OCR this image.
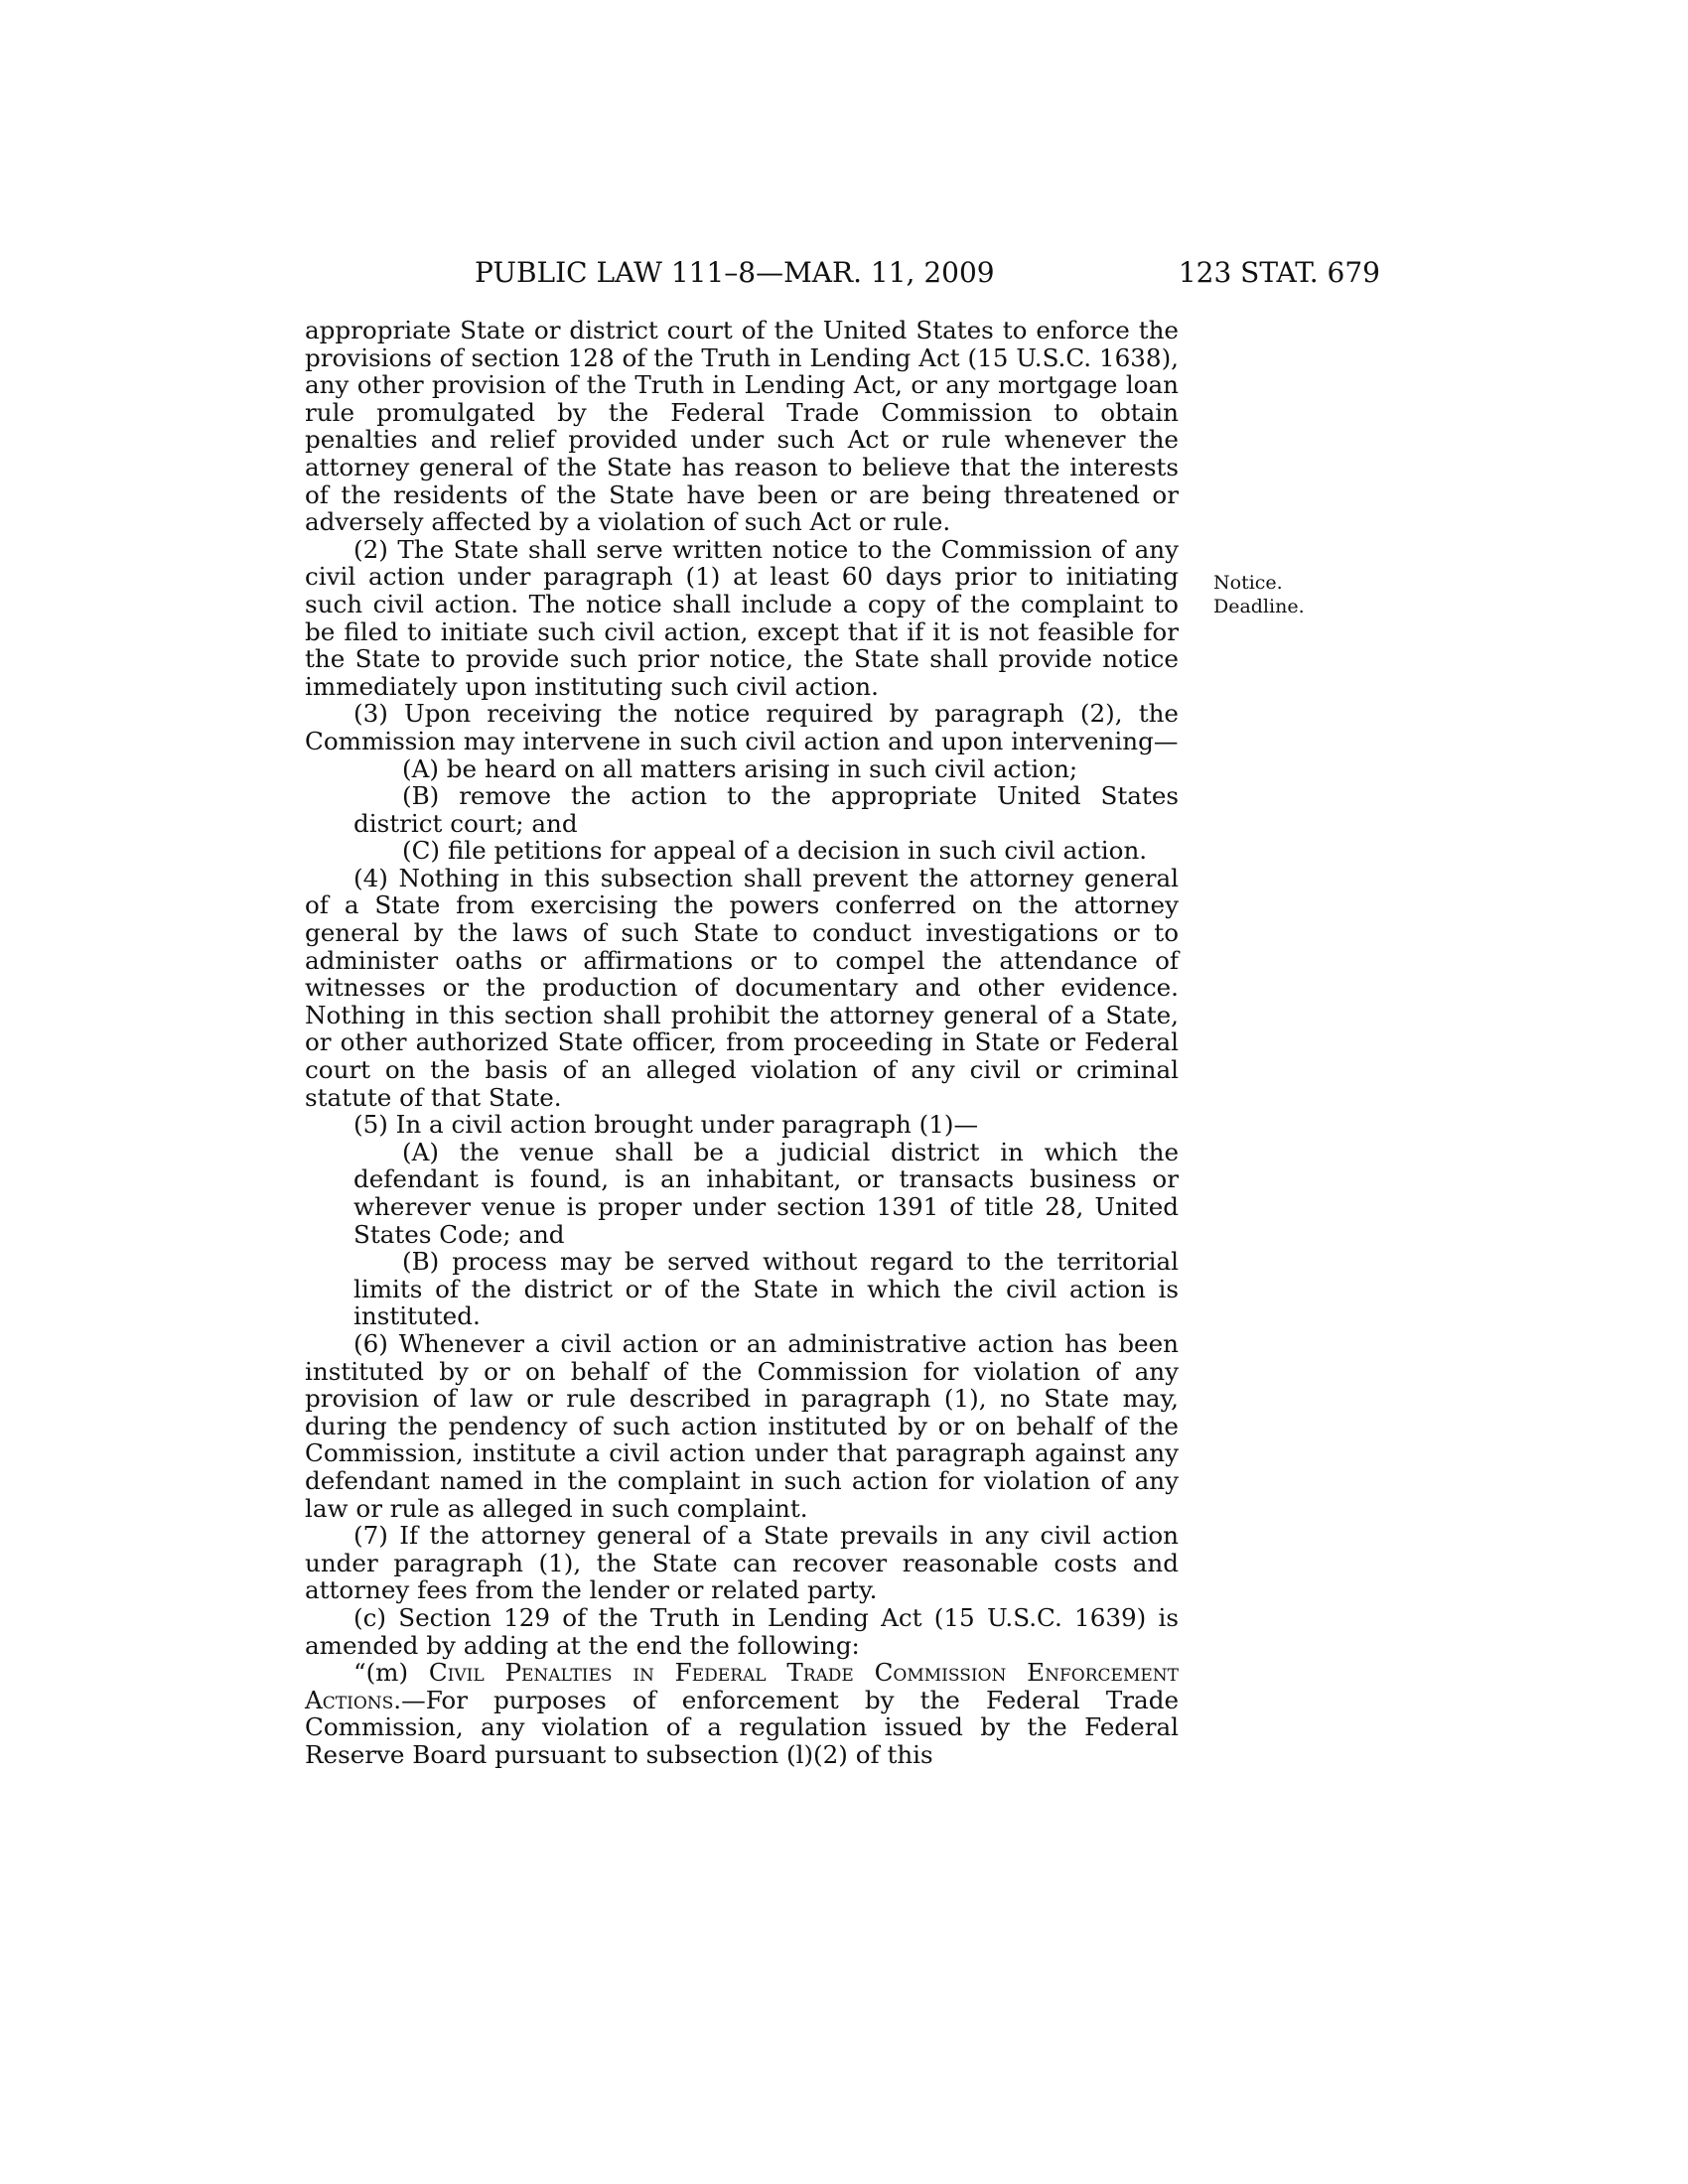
PUBLIC LAW 111–8—MAR. 11, 2009	123 STAT. 679
Notice.
Deadline.

appropriate State or district court of the United States to enforce the provisions of section 128 of the Truth in Lending Act (15 U.S.C. 1638), any other provision of the Truth in Lending Act, or any mortgage loan rule promulgated by the Federal Trade Commission to obtain penalties and relief provided under such Act or rule whenever the attorney general of the State has reason to believe that the interests of the residents of the State have been or are being threatened or adversely affected by a violation of such Act or rule.

(2) The State shall serve written notice to the Commission of any civil action under paragraph (1) at least 60 days prior to initiating such civil action. The notice shall include a copy of the complaint to be filed to initiate such civil action, except that if it is not feasible for the State to provide such prior notice, the State shall provide notice immediately upon instituting such civil action.

(3) Upon receiving the notice required by paragraph (2), the Commission may intervene in such civil action and upon intervening—

(A) be heard on all matters arising in such civil action;

(B) remove the action to the appropriate United States district court; and

(C) file petitions for appeal of a decision in such civil action.

(4) Nothing in this subsection shall prevent the attorney general of a State from exercising the powers conferred on the attorney general by the laws of such State to conduct investigations or to administer oaths or affirmations or to compel the attendance of witnesses or the production of documentary and other evidence. Nothing in this section shall prohibit the attorney general of a State, or other authorized State officer, from proceeding in State or Federal court on the basis of an alleged violation of any civil or criminal statute of that State.

(5) In a civil action brought under paragraph (1)—

(A) the venue shall be a judicial district in which the defendant is found, is an inhabitant, or transacts business or wherever venue is proper under section 1391 of title 28, United States Code; and

(B) process may be served without regard to the territorial limits of the district or of the State in which the civil action is instituted.

(6) Whenever a civil action or an administrative action has been instituted by or on behalf of the Commission for violation of any provision of law or rule described in paragraph (1), no State may, during the pendency of such action instituted by or on behalf of the Commission, institute a civil action under that paragraph against any defendant named in the complaint in such action for violation of any law or rule as alleged in such complaint.

(7) If the attorney general of a State prevails in any civil action under paragraph (1), the State can recover reasonable costs and attorney fees from the lender or related party.

(c) Section 129 of the Truth in Lending Act (15 U.S.C. 1639) is amended by adding at the end the following:

“(m) Civil Penalties in Federal Trade Commission Enforcement Actions.—For purposes of enforcement by the Federal Trade Commission, any violation of a regulation issued by the Federal Reserve Board pursuant to subsection (l)(2) of this
